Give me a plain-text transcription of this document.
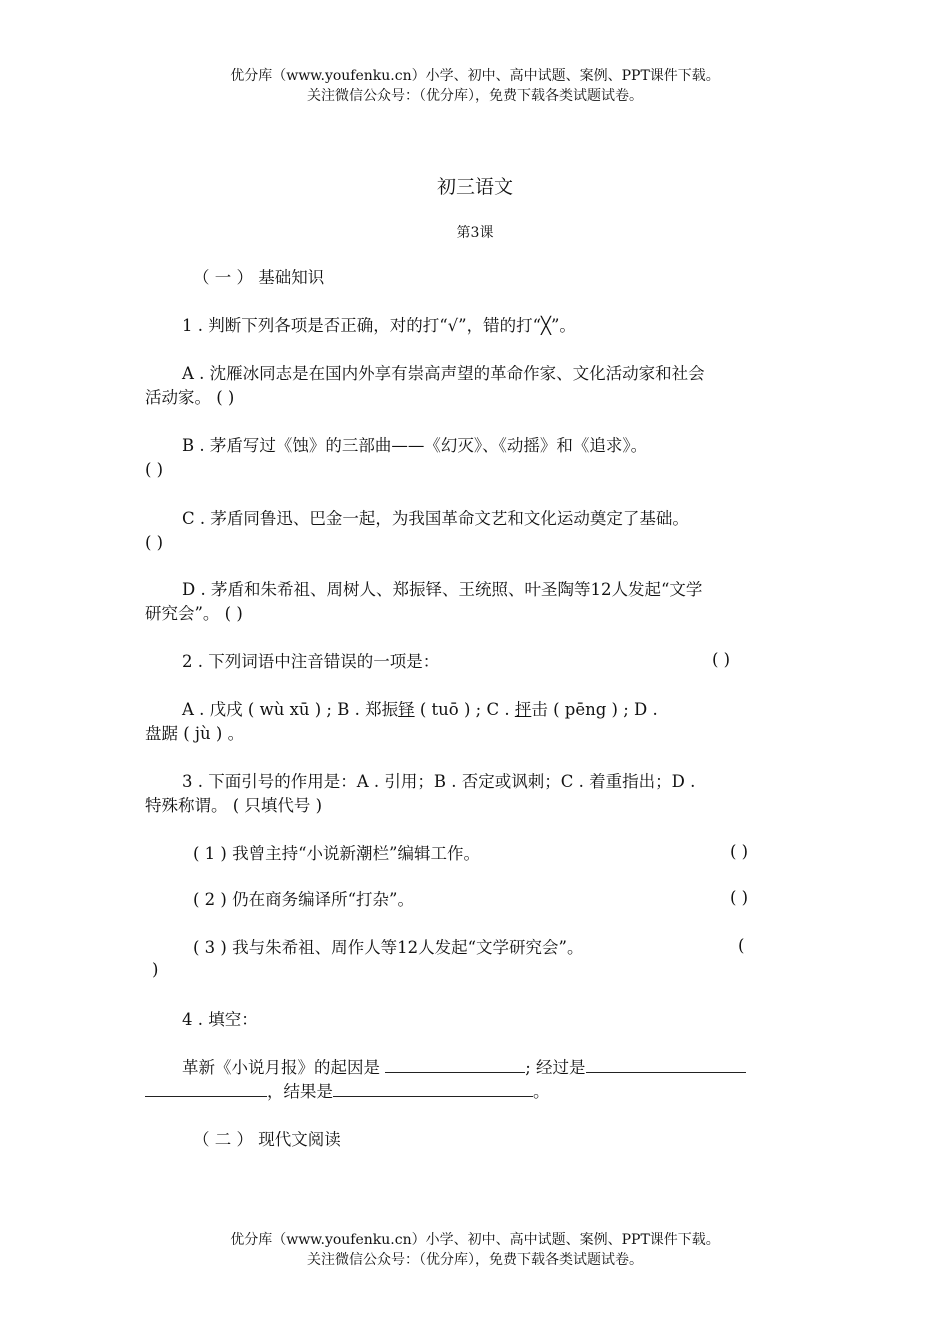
优分库（www.youfenku.cn）小学、初中、高中试题、案例、PPT课件下载。
关注微信公众号：（优分库），免费下载各类试题试卷。
初三语文
第3课
（ 一 ） 基础知识
1 . 判断下列各项是否正确，对的打“√”，错的打“╳”。
A . 沈雁冰同志是在国内外享有崇高声望的革命作家、文化活动家和社会
活动家。 ( )
B . 茅盾写过《蚀》的三部曲——《幻灭》、《动摇》和《追求》。
( )
C . 茅盾同鲁迅、巴金一起，为我国革命文艺和文化运动奠定了基础。
( )
D . 茅盾和朱希祖、周树人、郑振铎、王统照、叶圣陶等12人发起“文学
研究会”。 ( )
2 . 下列词语中注音错误的一项是：	( )
A . 戊戌 ( wù xū ) ; B . 郑振铎 ( tuō ) ; C . 抨击 ( pēng ) ; D .
盘踞 ( jù ) 。
3 . 下面引号的作用是：A . 引用；B . 否定或讽刺；C . 着重指出；D .
特殊称谓。 ( 只填代号 )
( 1 ) 我曾主持“小说新潮栏”编辑工作。	( )
( 2 ) 仍在商务编译所“打杂”。	( )
( 3 ) 我与朱希祖、周作人等12人发起“文学研究会”。	(
)
4 . 填空：
革新《小说月报》的起因是	; 经过是
，结果是	。
（ 二 ） 现代文阅读
优分库（www.youfenku.cn）小学、初中、高中试题、案例、PPT课件下载。
关注微信公众号：（优分库），免费下载各类试题试卷。
